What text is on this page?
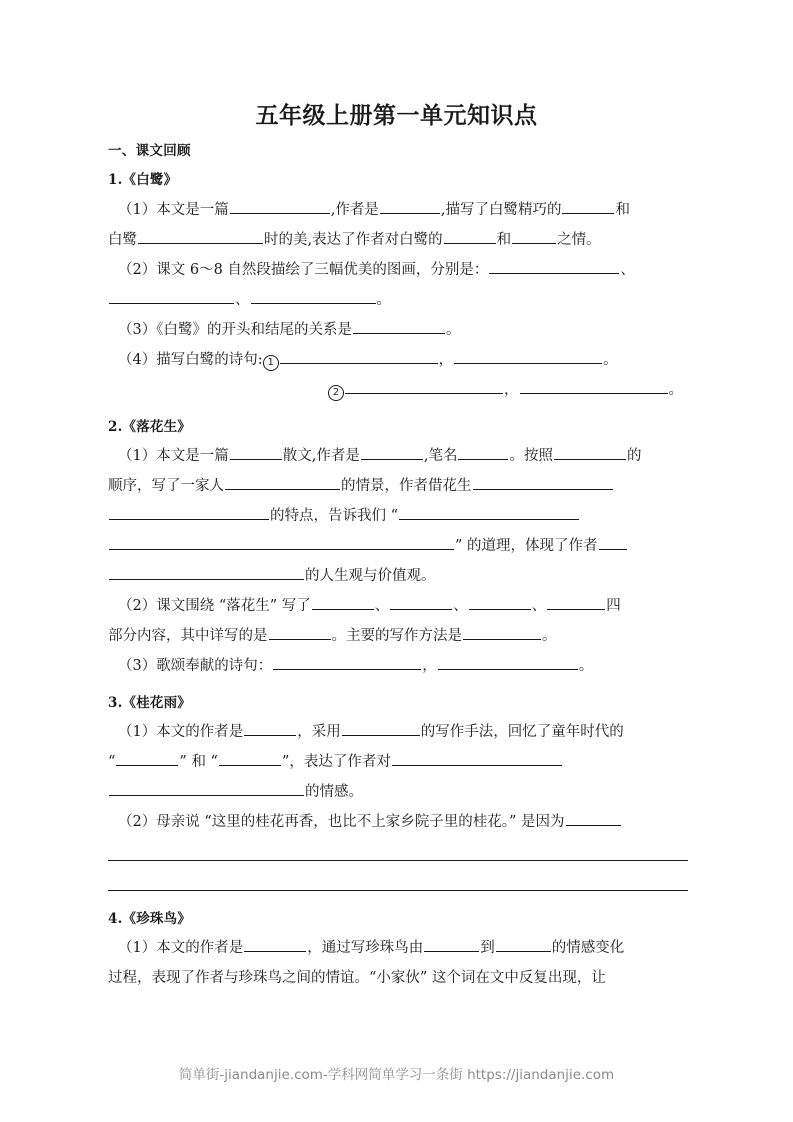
五年级上册第一单元知识点
一、课文回顾
1.《白鹭》
（1）本文是一篇	,作者是	,描写了白鹭精巧的	和
白鹭	时的美,表达了作者对白鹭的	和	之情。
（2）课文 6～8 自然段描绘了三幅优美的图画，分别是：	、
、	。
（3）《白鹭》的开头和结尾的关系是	。
（4）描写白鹭的诗句: 1	，	。
2	，	。
2.《落花生》
（1）本文是一篇	散文,作者是	,笔名	。按照	的
顺序，写了一家人	的情景，作者借花生
的特点，告诉我们 “
” 的道理，体现了作者
的人生观与价值观。
（2）课文围绕 “落花生” 写了	、	、	、	四
部分内容，其中详写的是	。主要的写作方法是	。
（3）歌颂奉献的诗句：	，	。
3.《桂花雨》
（1）本文的作者是	，采用	的写作手法，回忆了童年时代的
“	” 和 “	”，表达了作者对
的情感。
（2）母亲说 “这里的桂花再香，也比不上家乡院子里的桂花。” 是因为
4.《珍珠鸟》
（1）本文的作者是	，通过写珍珠鸟由	到	的情感变化
过程，表现了作者与珍珠鸟之间的情谊。“小家伙” 这个词在文中反复出现，让
简单街-jiandanjie.com-学科网简单学习一条街 https://jiandanjie.com
